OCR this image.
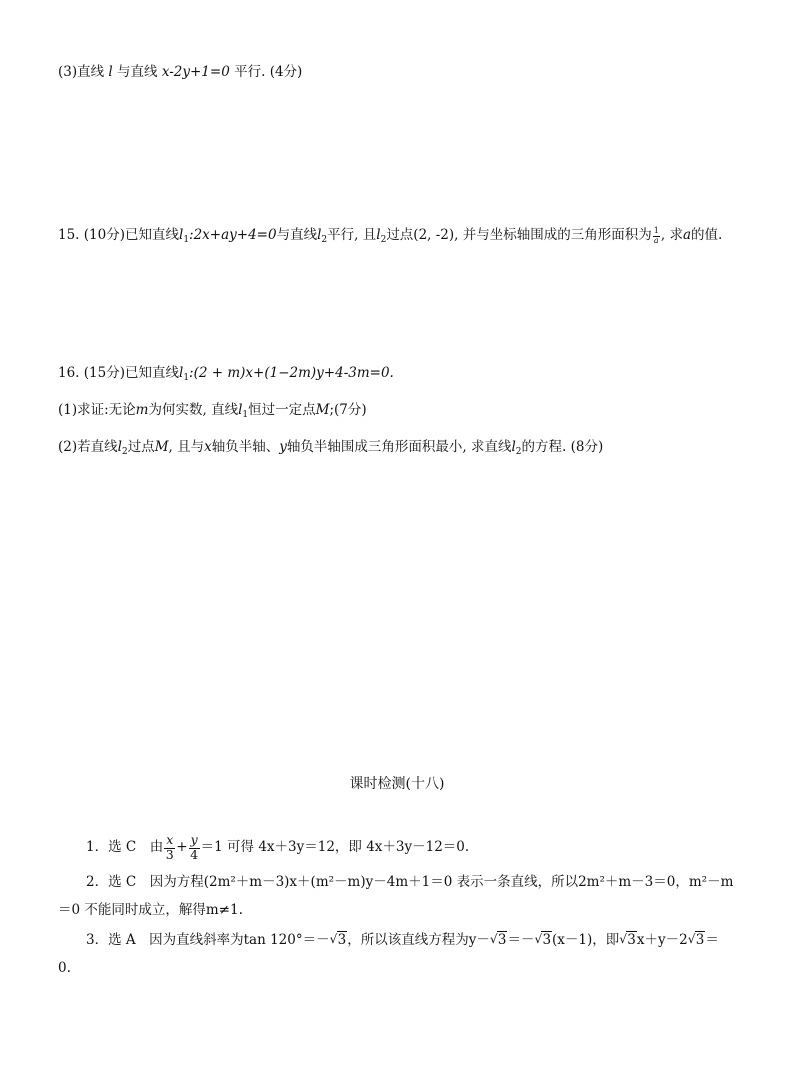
(3)直线 l 与直线 x-2y+1=0 平行. (4分)
15. (10分)已知直线$l_1:2x+ay+4=0$与直线$l_2$平行, 且$l_2$过点(2, -2), 并与坐标轴围成的三角形面积为 $\frac{1}{a}$ , 求a的值.
16. (15分)已知直线$l_1:(2 + m)x+(1-2m)y+4-3m=0$.
(1)求证:无论m为何实数, 直线$l_1$恒过一定点M;(7分)
(2)若直线$l_2$过点M, 且与x轴负半轴、y轴负半轴围成三角形面积最小, 求直线$l_2$的方程. (8分)
课时检测(十八)
1．选 C　由 $\frac{x}{3} + \frac{y}{4} =1$ 可得 4x＋3y＝12，即 4x＋3y－12＝0.
2．选 C　因为方程(2m²＋m－3)x＋(m²－m)y－4m＋1＝0 表示一条直线，所以2m²＋m－3＝0，m²－m
＝0 不能同时成立，解得m≠1.
3．选 A　因为直线斜率为tan 120°＝－ √ 3，所以该直线方程为y－ √ 3＝－ √ 3(x－1)，即 √ 3x＋y－2 √ 3＝
0.
